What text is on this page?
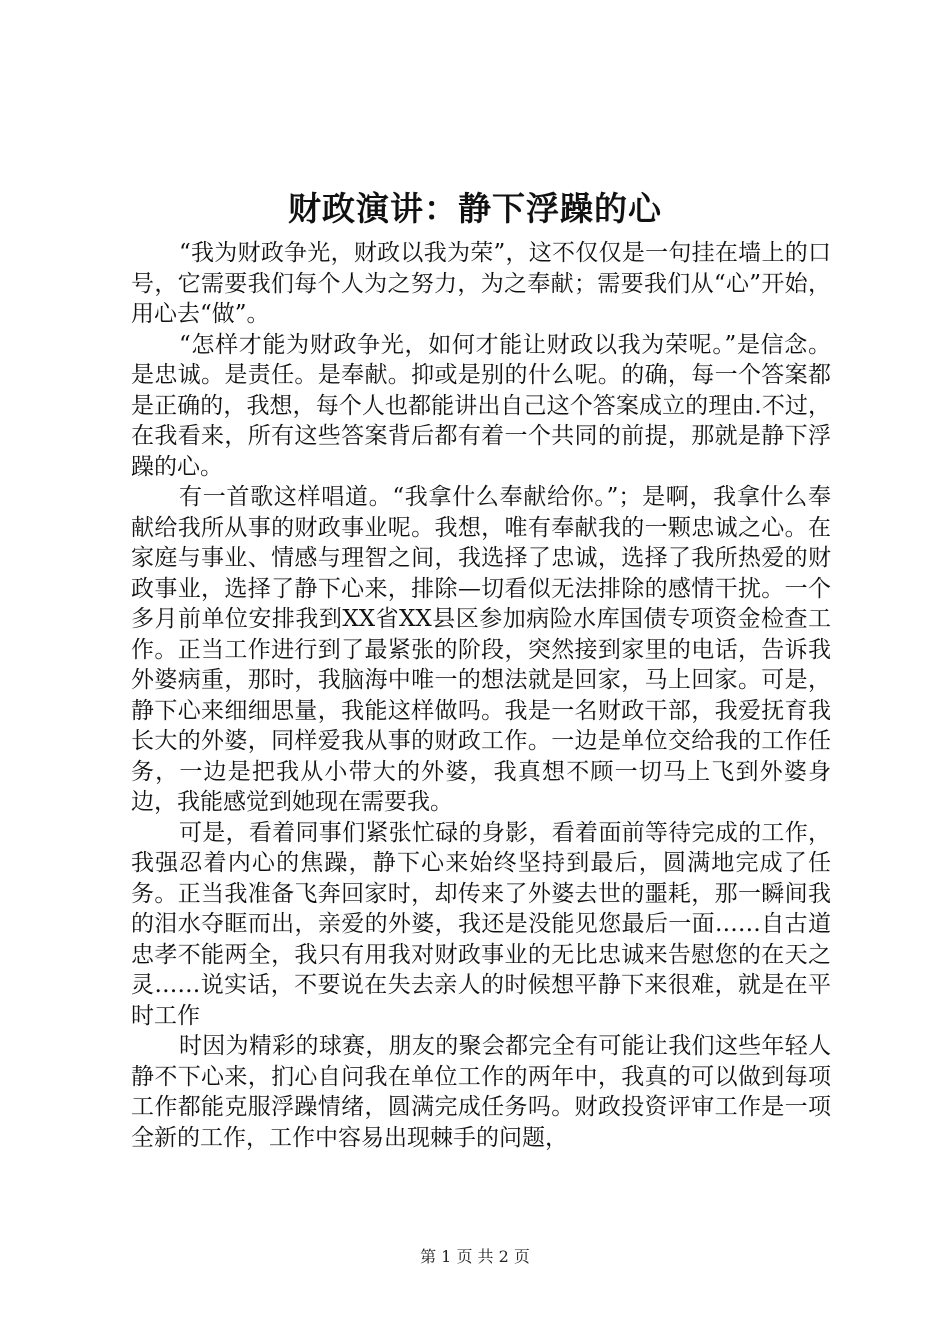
财政演讲：静下浮躁的心

“我为财政争光，财政以我为荣”，这不仅仅是一句挂在墙上的口号，它需要我们每个人为之努力，为之奉献；需要我们从“心”开始，用心去“做”。

“怎样才能为财政争光，如何才能让财政以我为荣呢。”是信念。是忠诚。是责任。是奉献。抑或是别的什么呢。的确，每一个答案都是正确的，我想，每个人也都能讲出自己这个答案成立的理由.不过，在我看来，所有这些答案背后都有着一个共同的前提，那就是静下浮躁的心。

有一首歌这样唱道。“我拿什么奉献给你。”；是啊，我拿什么奉献给我所从事的财政事业呢。我想，唯有奉献我的一颗忠诚之心。在家庭与事业、情感与理智之间，我选择了忠诚，选择了我所热爱的财政事业，选择了静下心来，排除—切看似无法排除的感情干扰。一个多月前单位安排我到XX省XX县区参加病险水库国债专项资金检查工作。正当工作进行到了最紧张的阶段，突然接到家里的电话，告诉我外婆病重，那时，我脑海中唯一的想法就是回家，马上回家。可是，静下心来细细思量，我能这样做吗。我是一名财政干部，我爱抚育我长大的外婆，同样爱我从事的财政工作。一边是单位交给我的工作任务，一边是把我从小带大的外婆，我真想不顾一切马上飞到外婆身边，我能感觉到她现在需要我。

可是，看着同事们紧张忙碌的身影，看着面前等待完成的工作，我强忍着内心的焦躁，静下心来始终坚持到最后，圆满地完成了任务。正当我准备飞奔回家时，却传来了外婆去世的噩耗，那一瞬间我的泪水夺眶而出，亲爱的外婆，我还是没能见您最后一面……自古道忠孝不能两全，我只有用我对财政事业的无比忠诚来告慰您的在天之灵……说实话，不要说在失去亲人的时候想平静下来很难，就是在平时工作

时因为精彩的球赛，朋友的聚会都完全有可能让我们这些年轻人静不下心来，扪心自问我在单位工作的两年中，我真的可以做到每项工作都能克服浮躁情绪，圆满完成任务吗。财政投资评审工作是一项全新的工作，工作中容易出现棘手的问题，

第 1 页 共 2 页
